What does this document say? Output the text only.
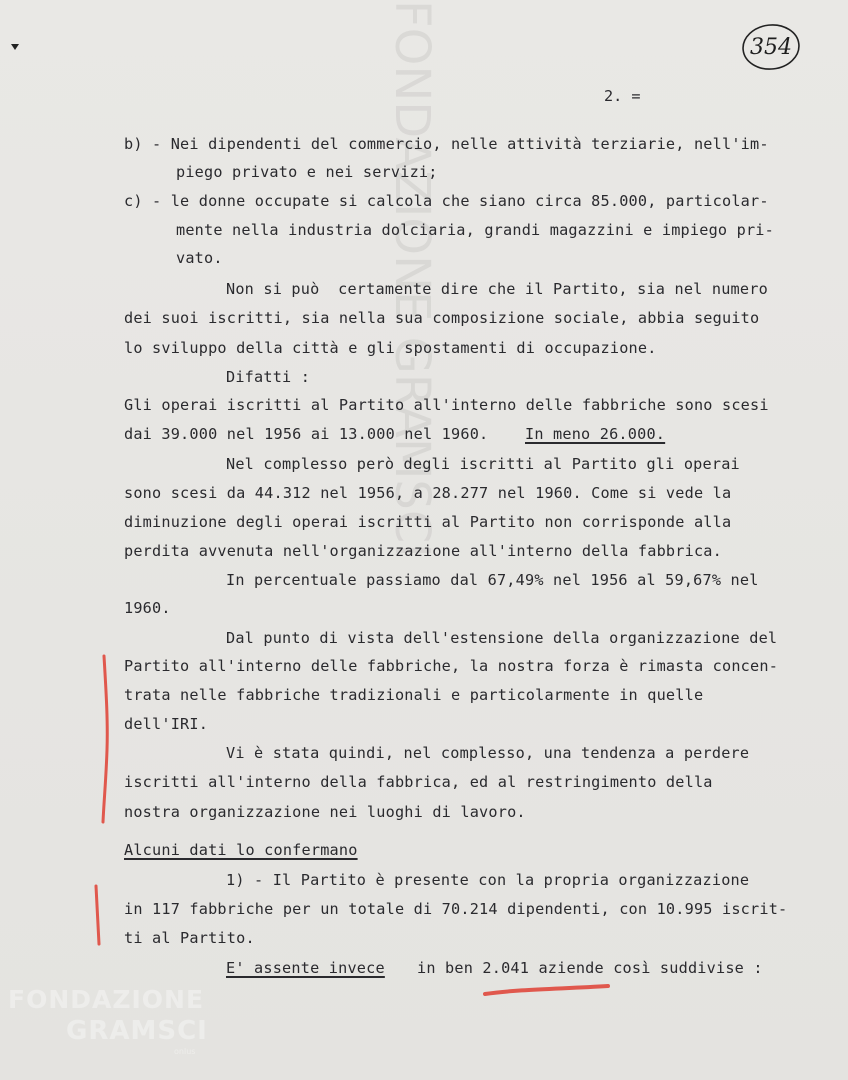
FONDAZIONE GRAMSCI	354
2. =
b) - Nei dipendenti del commercio, nelle attività terziarie, nell'im-
piego privato e nei servizi;
c) - le donne occupate si calcola che siano circa 85.000, particolar-
mente nella industria dolciaria, grandi magazzini e impiego pri-
vato.
Non si può  certamente dire che il Partito, sia nel numero
dei suoi iscritti, sia nella sua composizione sociale, abbia seguito
lo sviluppo della città e gli spostamenti di occupazione.
Difatti :
Gli operai iscritti al Partito all'interno delle fabbriche sono scesi
dai 39.000 nel 1956 ai 13.000 nel 1960. In meno 26.000.
Nel complesso però degli iscritti al Partito gli operai
sono scesi da 44.312 nel 1956, a 28.277 nel 1960. Come si vede la
diminuzione degli operai iscritti al Partito non corrisponde alla
perdita avvenuta nell'organizzazione all'interno della fabbrica.
In percentuale passiamo dal 67,49% nel 1956 al 59,67% nel
1960.
Dal punto di vista dell'estensione della organizzazione del
Partito all'interno delle fabbriche, la nostra forza è rimasta concen-
trata nelle fabbriche tradizionali e particolarmente in quelle
dell'IRI.
Vi è stata quindi, nel complesso, una tendenza a perdere
iscritti all'interno della fabbrica, ed al restringimento della
nostra organizzazione nei luoghi di lavoro.
Alcuni dati lo confermano
1) - Il Partito è presente con la propria organizzazione
in 117 fabbriche per un totale di 70.214 dipendenti, con 10.995 iscrit-
ti al Partito.
E' assente invece in ben 2.041 aziende così suddivise :
FONDAZIONE
GRAMSCI
onlus
